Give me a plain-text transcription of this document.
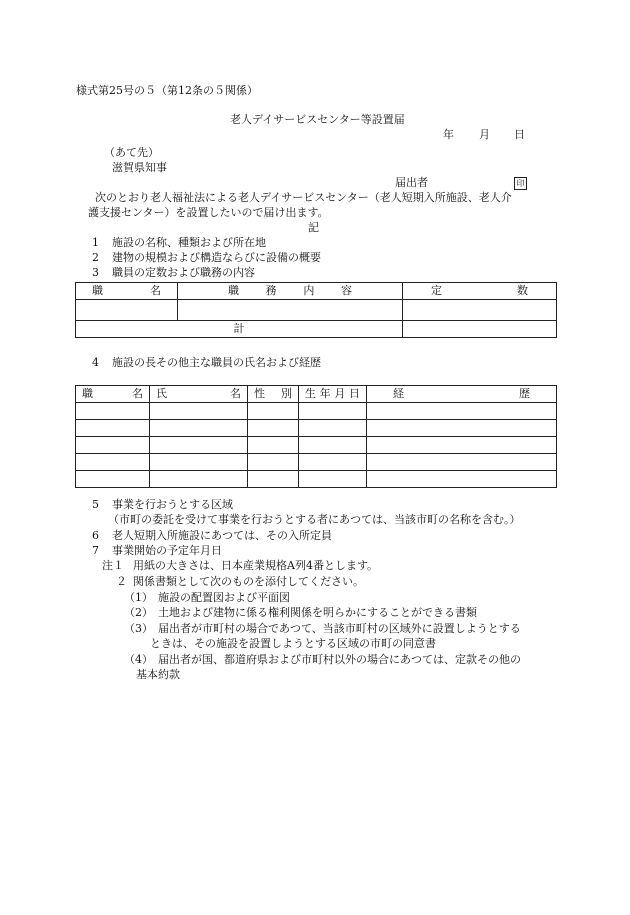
様式第25号の５（第12条の５関係）
老人デイサービスセンター等設置届
年 月 日
（あて先）
滋賀県知事
届出者	印
次のとおり老人福祉法による老人デイサービスセンター（老人短期入所施設、老人介
護支援センター）を設置したいので届け出ます。
記
1 施設の名称、種類および所在地
2 建物の規模および構造ならびに設備の概要
3 職員の定数および職務の内容
職 名	職 務 内 容	定 数

計		
4 施設の長その他主な職員の氏名および経歴
職 名	氏 名	性 別	生 年 月 日	経 歴

5 事業を行おうとする区域
（市町の委託を受けて事業を行おうとする者にあつては、当該市町の名称を含む。）
6 老人短期入所施設にあつては、その入所定員
7 事業開始の予定年月日
注１ 用紙の大きさは、日本産業規格A列4番とします。
２ 関係書類として次のものを添付してください。
（1） 施設の配置図および平面図
（2） 土地および建物に係る権利関係を明らかにすることができる書類
（3） 届出者が市町村の場合であつて、当該市町村の区域外に設置しようとする
ときは、その施設を設置しようとする区域の市町の同意書
（4） 届出者が国、都道府県および市町村以外の場合にあつては、定款その他の
基本約款
